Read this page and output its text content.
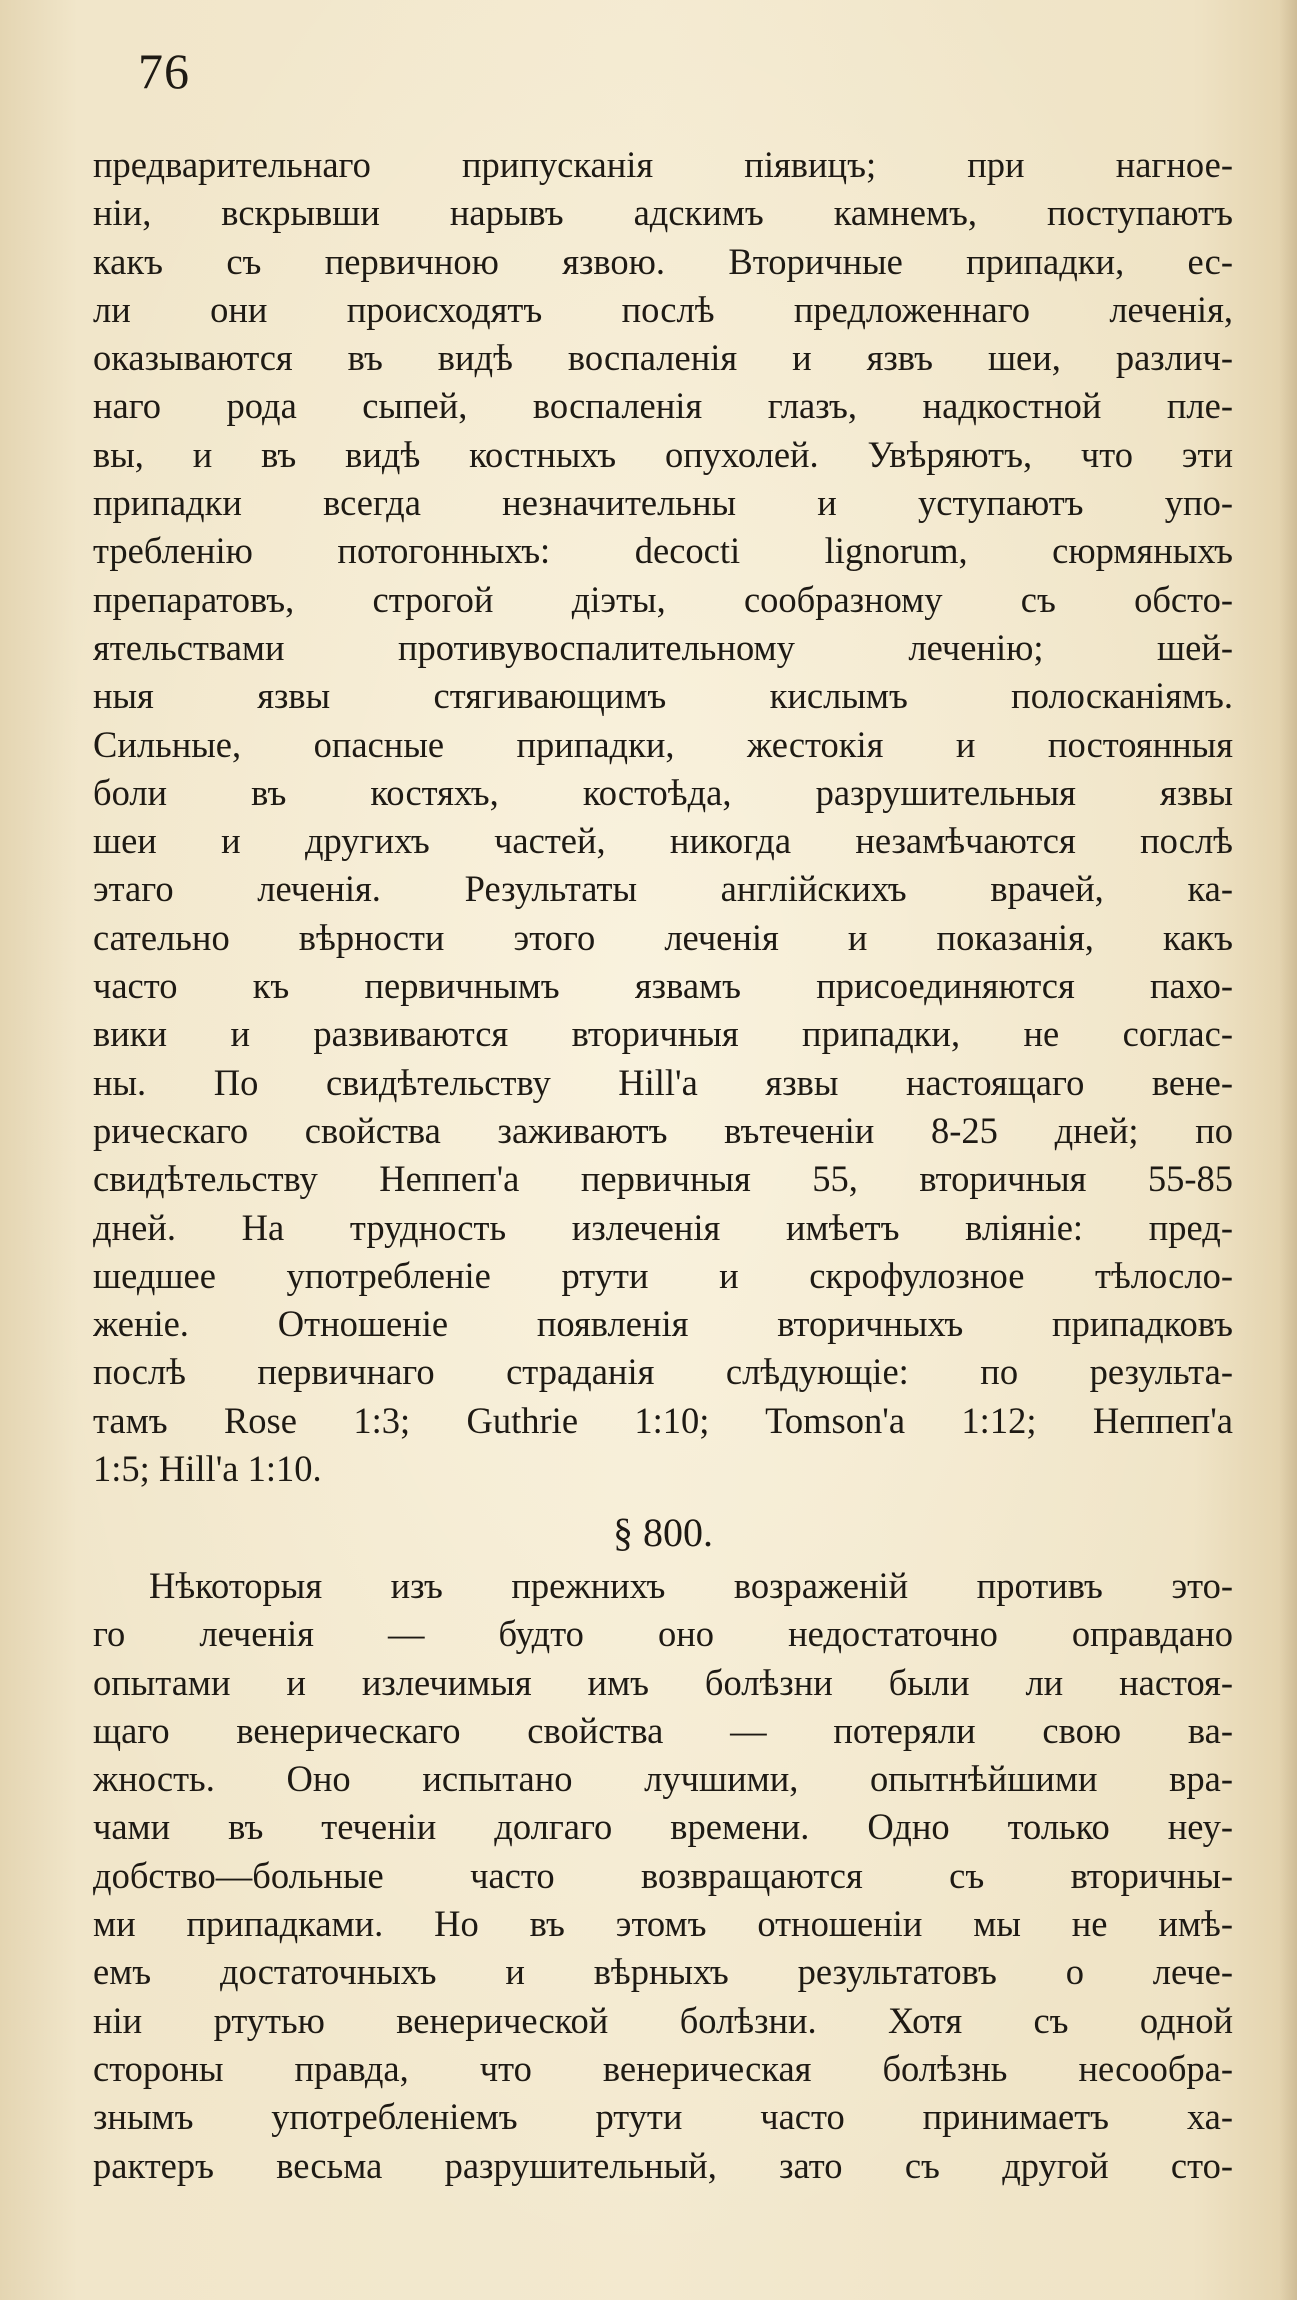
76
предварительнаго припусканія піявицъ; при нагное-
ніи, вскрывши нарывъ адскимъ камнемъ, поступаютъ
какъ съ первичною язвою. Вторичные припадки, ес-
ли они происходятъ послѣ предложеннаго леченія,
оказываются въ видѣ воспаленія и язвъ шеи, различ-
наго рода сыпей, воспаленія глазъ, надкостной пле-
вы, и въ видѣ костныхъ опухолей. Увѣряютъ, что эти
припадки всегда незначительны и уступаютъ упо-
требленію потогонныхъ: decocti lignorum, сюрмяныхъ
препаратовъ, строгой діэты, сообразному съ обсто-
ятельствами противувоспалительному леченію; шей-
ныя язвы стягивающимъ кислымъ полосканіямъ.
Сильные, опасные припадки, жестокія и постоянныя
боли въ костяхъ, костоѣда, разрушительныя язвы
шеи и другихъ частей, никогда незамѣчаются послѣ
этаго леченія. Результаты англійскихъ врачей, ка-
сательно вѣрности этого леченія и показанія, какъ
часто къ первичнымъ язвамъ присоединяются пахо-
вики и развиваются вторичныя припадки, не соглас-
ны. По свидѣтельству Hill'а язвы настоящаго вене-
рическаго свойства заживаютъ вътеченіи 8-25 дней; по
свидѣтельству Неппеп'а первичныя 55, вторичныя 55-85
дней. На трудность излеченія имѣетъ вліяніе: пред-
шедшее употребленіе ртути и скрофулозное тѣлосло-
женіе. Отношеніе появленія вторичныхъ припадковъ
послѣ первичнаго страданія слѣдующіе: по результа-
тамъ Rose 1:3; Guthrie 1:10; Tomson'а 1:12; Неппеп'а
1:5; Hill'а 1:10.
§ 800.
Нѣкоторыя изъ прежнихъ возраженій противъ это-
го леченія — будто оно недостаточно оправдано
опытами и излечимыя имъ болѣзни были ли настоя-
щаго венерическаго свойства — потеряли свою ва-
жность. Оно испытано лучшими, опытнѣйшими вра-
чами въ теченіи долгаго времени. Одно только неу-
добство—больные часто возвращаются съ вторичны-
ми припадками. Но въ этомъ отношеніи мы не имѣ-
емъ достаточныхъ и вѣрныхъ результатовъ о лече-
ніи ртутью венерической болѣзни. Хотя съ одной
стороны правда, что венерическая болѣзнь несообра-
знымъ употребленіемъ ртути часто принимаетъ ха-
рактеръ весьма разрушительный, зато съ другой сто-
